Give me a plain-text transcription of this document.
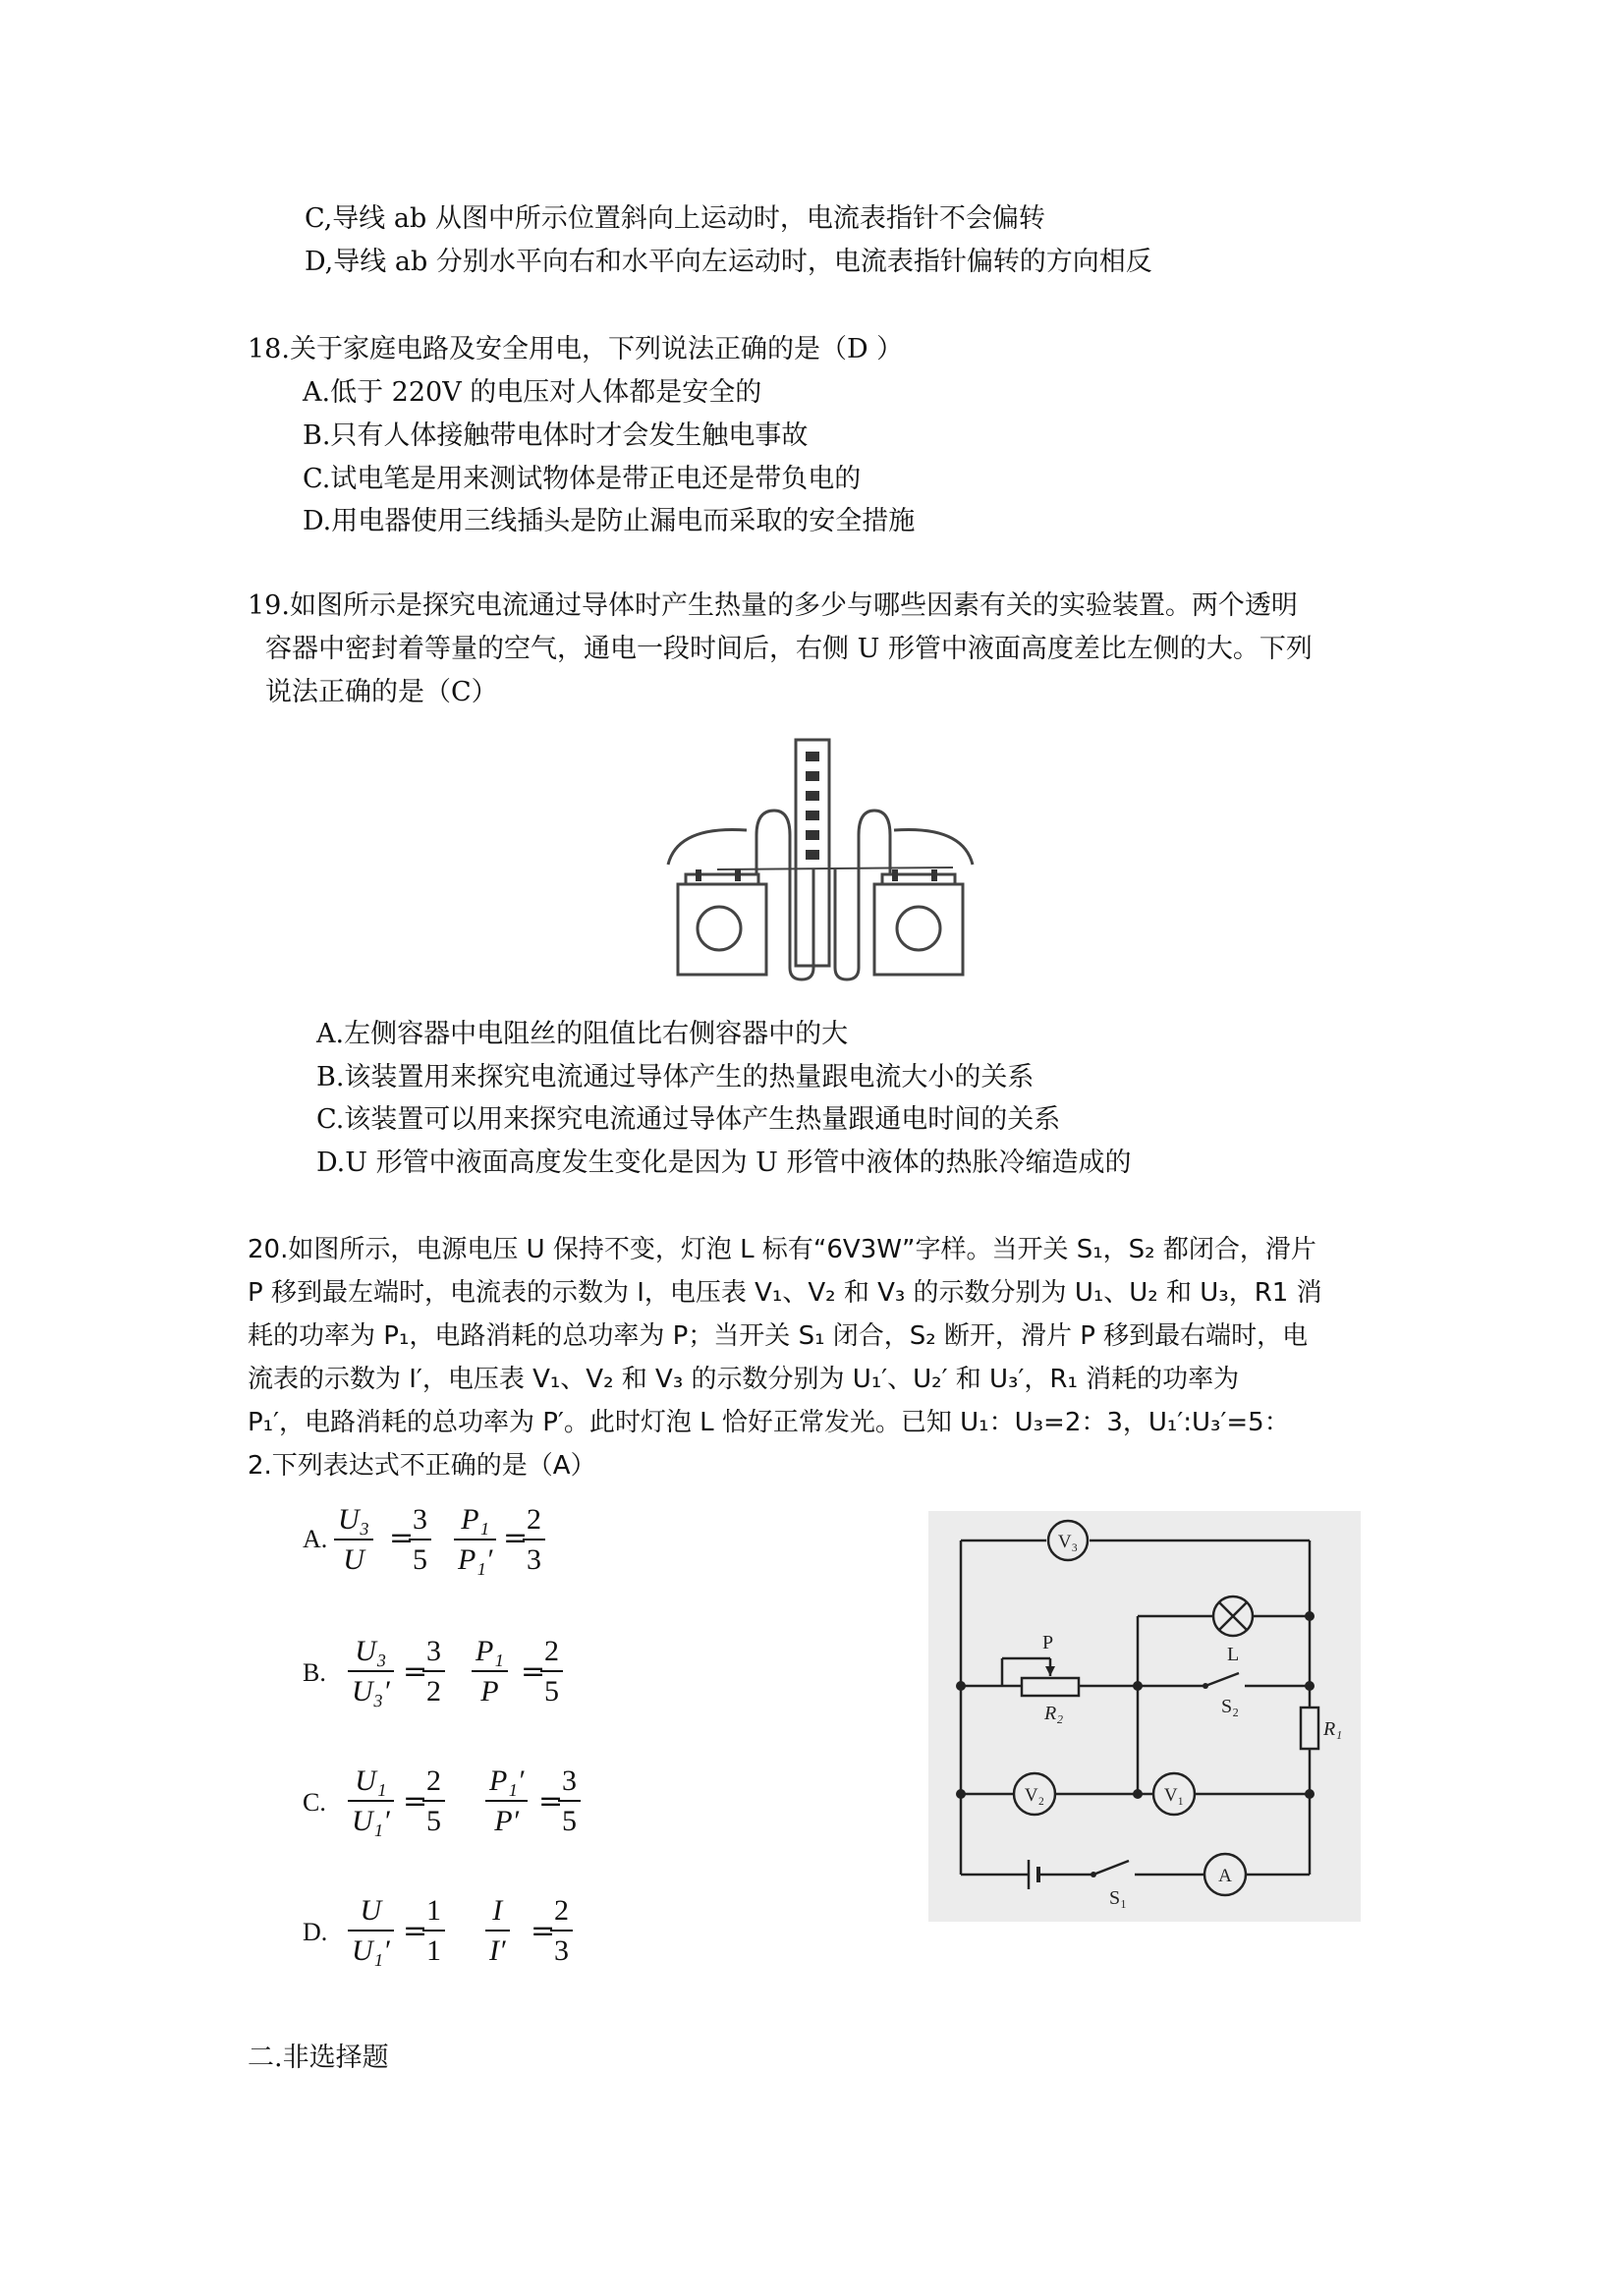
C,导线 ab 从图中所示位置斜向上运动时，电流表指针不会偏转
D,导线 ab 分别水平向右和水平向左运动时，电流表指针偏转的方向相反
18.关于家庭电路及安全用电，下列说法正确的是（D ）
A.低于 220V 的电压对人体都是安全的
B.只有人体接触带电体时才会发生触电事故
C.试电笔是用来测试物体是带正电还是带负电的
D.用电器使用三线插头是防止漏电而采取的安全措施
19.如图所示是探究电流通过导体时产生热量的多少与哪些因素有关的实验装置。两个透明
容器中密封着等量的空气，通电一段时间后，右侧 U 形管中液面高度差比左侧的大。下列
说法正确的是（C）
A.左侧容器中电阻丝的阻值比右侧容器中的大
B.该装置用来探究电流通过导体产生的热量跟电流大小的关系
C.该装置可以用来探究电流通过导体产生热量跟通电时间的关系
D.U 形管中液面高度发生变化是因为 U 形管中液体的热胀冷缩造成的
20.如图所示，电源电压 U 保持不变，灯泡 L 标有“6V3W”字样。当开关 S₁，S₂ 都闭合，滑片
P 移到最左端时，电流表的示数为 I，电压表 V₁、V₂ 和 V₃ 的示数分别为 U₁、U₂ 和 U₃，R1 消
耗的功率为 P₁，电路消耗的总功率为 P；当开关 S₁ 闭合，S₂ 断开，滑片 P 移到最右端时，电
流表的示数为 I′，电压表 V₁、V₂ 和 V₃ 的示数分别为 U₁′、U₂′ 和 U₃′，R₁ 消耗的功率为
P₁′，电路消耗的总功率为 P′。此时灯泡 L 恰好正常发光。已知 U₁：U₃=2：3，U₁′:U₃′=5：
2.下列表达式不正确的是（A）
A. $\frac{\text{U₃}}{U}$ =
$\frac{3}{5} \frac{\text{P₁}}{\text{P₁′}}$ =
$\frac{2}{3}$
B. $\frac{\text{U₃}}{\text{U₃′}}$ =
$\frac{3}{2} \frac{\text{P₁}}{P}$ =
$\frac{2}{5}$
C. $\frac{\text{U₁}}{\text{U₁′}}$ =
$\frac{2}{5} \frac{\text{P₁′}}{P'}$ =
$\frac{3}{5}$
D. $\frac{U}{\text{U₁′}}$ =
$\frac{1}{1} \frac{I}{I'}$ =
$\frac{2}{3}$
V₃
V₂	V₁
A
L
P
R₂
R₁
S₁
S₂
二.非选择题
